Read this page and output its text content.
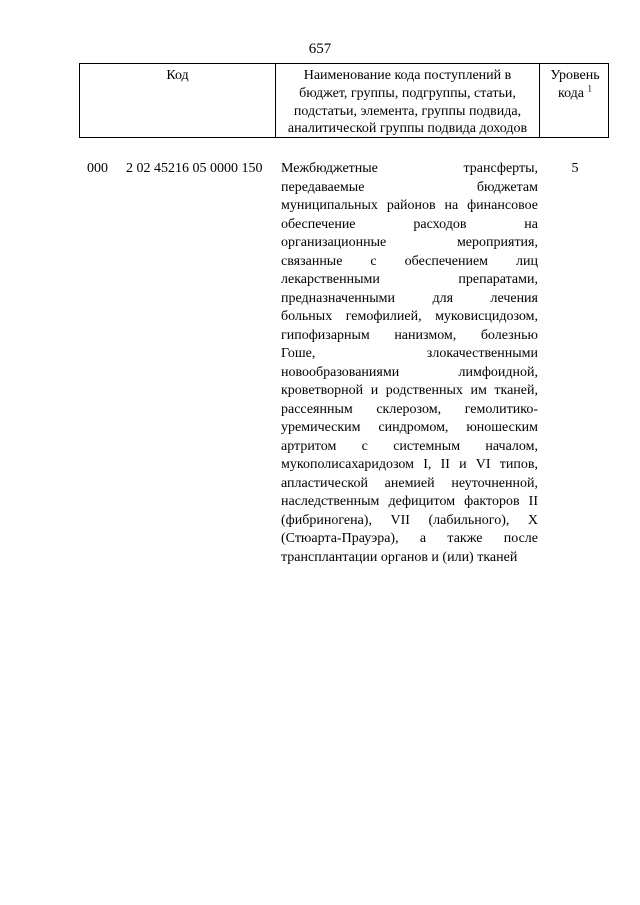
657
Код	Наименование кода поступлений в
бюджет, группы, подгруппы, статьи,
подстатьи, элемента, группы подвида,
аналитической группы подвида доходов
Уровень
кода $^1$
000 2 02 45216 05 0000 150 Межбюджетные трансферты,
передаваемые бюджетам
муниципальных районов на финансовое
обеспечение расходов на
организационные мероприятия,
связанные с обеспечением лиц
лекарственными препаратами,
предназначенными для лечения
больных гемофилией, муковисцидозом,
гипофизарным нанизмом, болезнью
Гоше, злокачественными
новообразованиями лимфоидной,
кроветворной и родственных им тканей,
рассеянным склерозом, гемолитико-
уремическим синдромом, юношеским
артритом с системным началом,
мукополисахаридозом I, II и VI типов,
апластической анемией неуточненной,
наследственным дефицитом факторов II
(фибриногена), VII (лабильного), X
(Стюарта-Прауэра), а также после
трансплантации органов и (или) тканей
5
